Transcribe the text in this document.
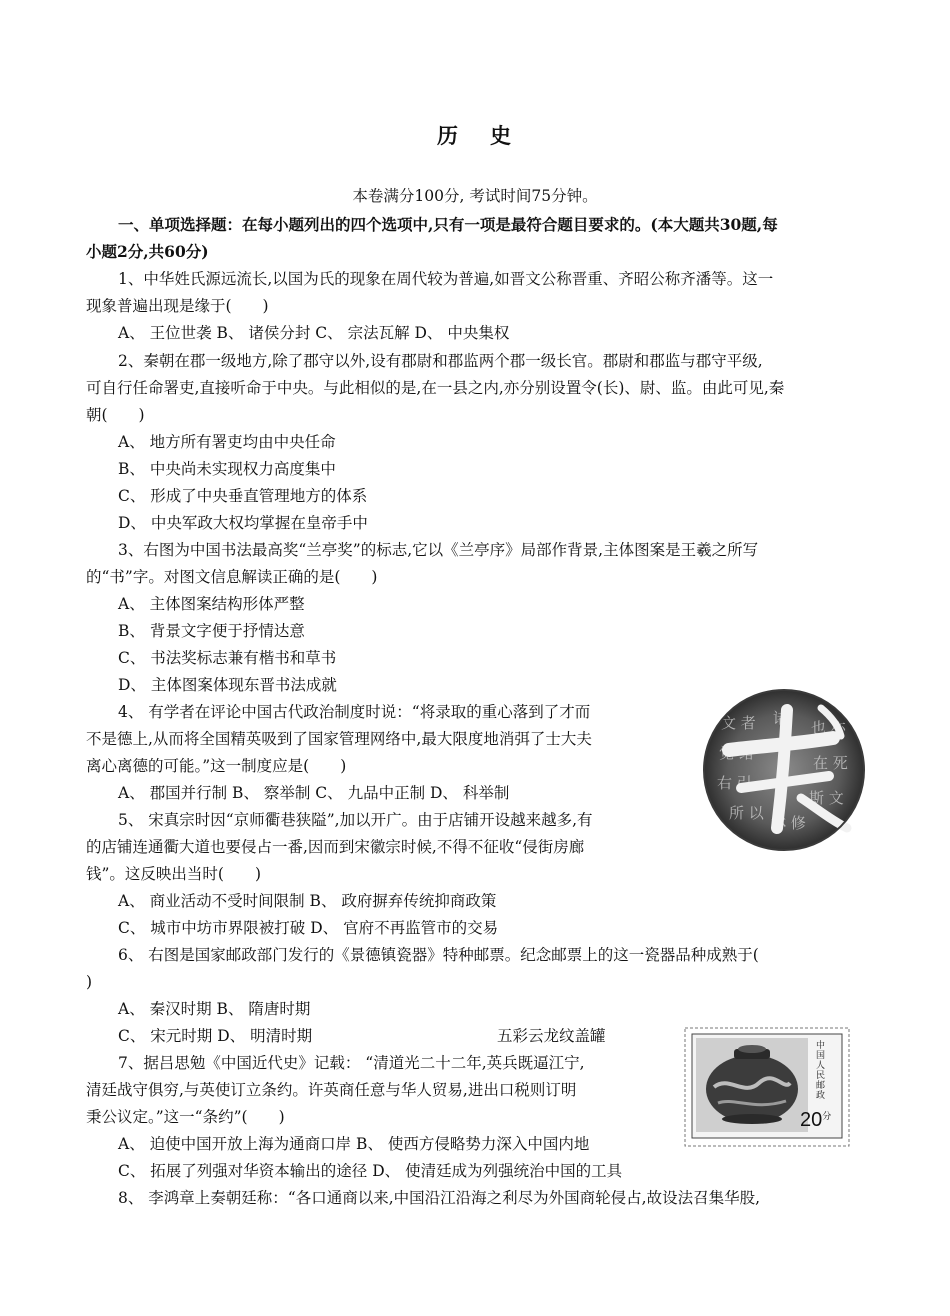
历 史
本卷满分100分, 考试时间75分钟。
一、单项选择题：在每小题列出的四个选项中,只有一项是最符合题目要求的。(本大题共30题,每
小题2分,共60分)
1、中华姓氏源远流长,以国为氏的现象在周代较为普遍,如晋文公称晋重、齐昭公称齐潘等。这一
现象普遍出现是缘于(　　)
A、 王位世袭 B、 诸侯分封 C、 宗法瓦解 D、 中央集权
2、秦朝在郡一级地方,除了郡守以外,设有郡尉和郡监两个郡一级长官。郡尉和郡监与郡守平级,
可自行任命署吏,直接听命于中央。与此相似的是,在一县之内,亦分别设置令(长)、尉、监。由此可见,秦
朝(　　)
A、 地方所有署吏均由中央任命
B、 中央尚未实现权力高度集中
C、 形成了中央垂直管理地方的体系
D、 中央军政大权均掌握在皇帝手中
3、右图为中国书法最高奖“兰亭奖”的标志,它以《兰亭序》局部作背景,主体图案是王羲之所写
的“书”字。对图文信息解读正确的是(　　)
A、 主体图案结构形体严整
B、 背景文字便于抒情达意
C、 书法奖标志兼有楷书和草书
D、 主体图案体现东晋书法成就
4、 有学者在评论中国古代政治制度时说：“将录取的重心落到了才而
不是德上,从而将全国精英吸到了国家管理网络中,最大限度地消弭了士大夫
离心离德的可能。”这一制度应是(　　)
A、 郡国并行制 B、 察举制 C、 九品中正制 D、 科举制
5、 宋真宗时因“京师衢巷狭隘”,加以开广。由于店铺开设越来越多,有
的店铺连通衢大道也要侵占一番,因而到宋徽宗时候,不得不征收“侵街房廊
钱”。这反映出当时(　　)
A、 商业活动不受时间限制 B、 政府摒弃传统抑商政策
C、 城市中坊市界限被打破 D、 官府不再监管市的交易
6、 右图是国家邮政部门发行的《景德镇瓷器》特种邮票。纪念邮票上的这一瓷器品种成熟于(
)
A、 秦汉时期 B、 隋唐时期
C、 宋元时期 D、 明清时期	五彩云龙纹盖罐
7、据吕思勉《中国近代史》记载： “清道光二十二年,英兵既逼江宁,
清廷战守俱穷,与英使订立条约。许英商任意与华人贸易,进出口税则订明
秉公议定。”这一“条约”(　　)
A、 迫使中国开放上海为通商口岸 B、 使西方侵略势力深入中国内地
C、 拓展了列强对华资本输出的途径 D、 使清廷成为列强统治中国的工具
8、 李鸿章上奏朝廷称：“各口通商以来,中国沿江沿海之利尽为外国商轮侵占,故设法召集华股,
文 者
觉 绪
右 引
所 以
也 亦
在 死
斯 文
诸
林 修
中国人民邮政
$20^分$
